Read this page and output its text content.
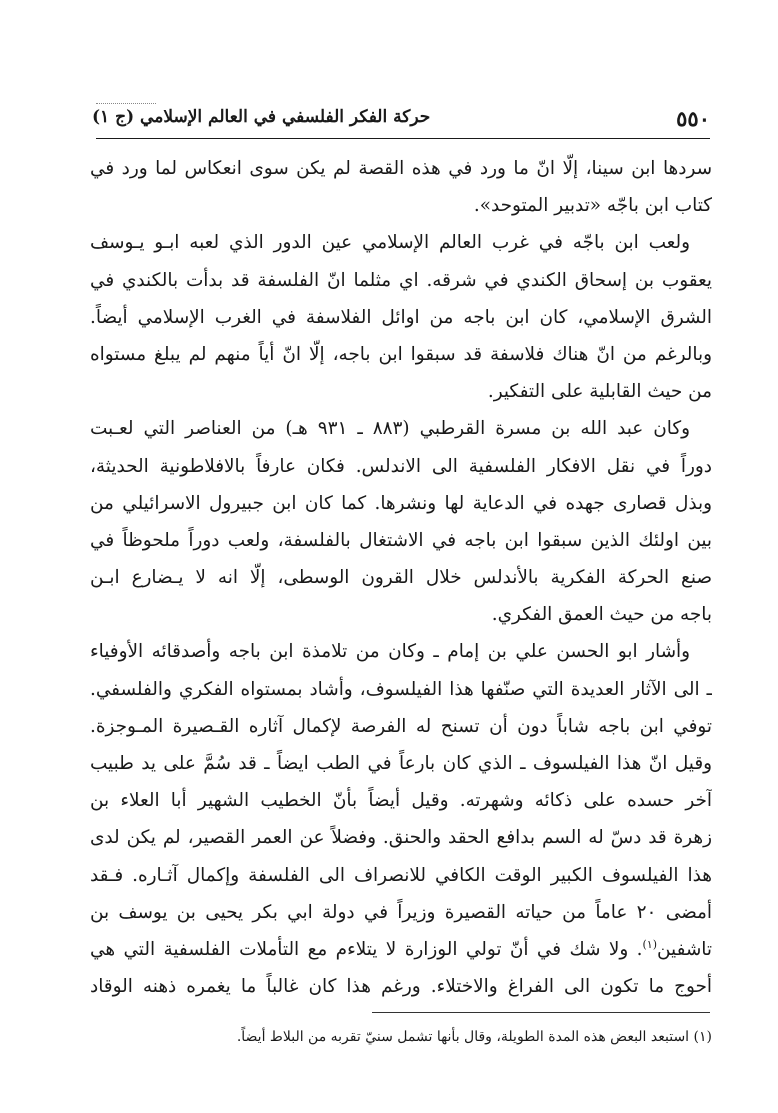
٥٥٠
حركة الفكر الفلسفي في العالم الإسلامي (ج ١)
سردها ابن سينا، إلّا انّ ما ورد في هذه القصة لم يكن سوى انعكاس لما ورد في
كتاب ابن باجّه «تدبير المتوحد».
ولعب ابن باجّه في غرب العالم الإسلامي عين الدور الذي لعبه ابـو يـوسف
يعقوب بن إسحاق الكندي في شرقه. اي مثلما انّ الفلسفة قد بدأت بالكندي في
الشرق الإسلامي، كان ابن باجه من اوائل الفلاسفة في الغرب الإسلامي أيضاً.
وبالرغم من انّ هناك فلاسفة قد سبقوا ابن باجه، إلّا انّ أياً منهم لم يبلغ مستواه
من حيث القابلية على التفكير.
وكان عبد الله بن مسرة القرطبي (٨٨٣ ـ ٩٣١ هـ) من العناصر التي لعـبت
دوراً في نقل الافكار الفلسفية الى الاندلس. فكان عارفاً بالافلاطونية الحديثة،
وبذل قصارى جهده في الدعاية لها ونشرها. كما كان ابن جبيرول الاسرائيلي من
بين اولئك الذين سبقوا ابن باجه في الاشتغال بالفلسفة، ولعب دوراً ملحوظاً في
صنع الحركة الفكرية بالأندلس خلال القرون الوسطى، إلّا انه لا يـضارع ابـن
باجه من حيث العمق الفكري.
وأشار ابو الحسن علي بن إمام ـ وكان من تلامذة ابن باجه وأصدقائه الأوفياء
ـ الى الآثار العديدة التي صنّفها هذا الفيلسوف، وأشاد بمستواه الفكري والفلسفي.
توفي ابن باجه شاباً دون أن تسنح له الفرصة لإكمال آثاره القـصيرة المـوجزة.
وقيل انّ هذا الفيلسوف ـ الذي كان بارعاً في الطب ايضاً ـ قد سُمَّ على يد طبيب
آخر حسده على ذكائه وشهرته. وقيل أيضاً بأنّ الخطيب الشهير أبا العلاء بن
زهرة قد دسّ له السم بدافع الحقد والحنق. وفضلاً عن العمر القصير، لم يكن لدى
هذا الفيلسوف الكبير الوقت الكافي للانصراف الى الفلسفة وإكمال آثـاره. فـقد
أمضى ٢٠ عاماً من حياته القصيرة وزيراً في دولة ابي بكر يحيى بن يوسف بن
تاشفين$^{(١)}$. ولا شك في أنّ تولي الوزارة لا يتلاءم مع التأملات الفلسفية التي هي
أحوج ما تكون الى الفراغ والاختلاء. ورغم هذا كان غالباً ما يغمره ذهنه الوقاد
(١) استبعد البعض هذه المدة الطويلة، وقال بأنها تشمل سنيّ تقربه من البلاط أيضاً.
